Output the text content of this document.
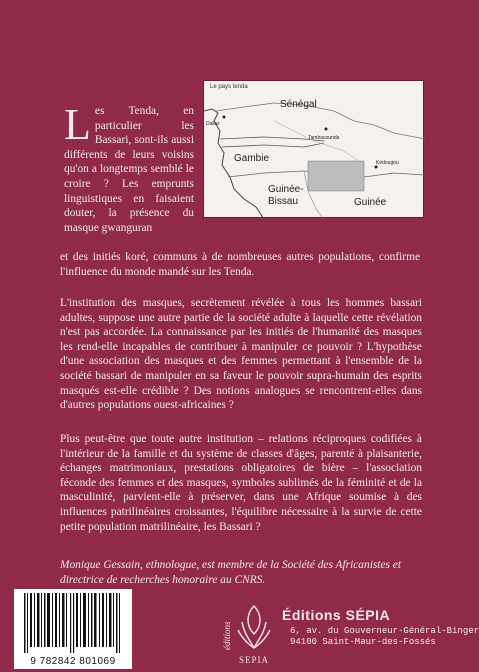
Le pays tenda
Sénégal
Dakar
Tambacounda
Gambie	Kédougou
Guinée-Bissau	Guinée
Les Tenda, en particulier les Bassari, sont-ils aussi différents de leurs voisins qu'on a longtemps semblé le croire ? Les emprunts linguistiques en faisaient douter, la présence du masque gwanguran

et des initiés koré, communs à de nombreuses autres populations, confirme l'influence du monde mandé sur les Tenda.

L'institution des masques, secrètement révélée à tous les hommes bassari adultes, suppose une autre partie de la société adulte à laquelle cette révélation n'est pas accordée. La connaissance par les initiés de l'humanité des masques les rend-elle incapables de contribuer à manipuler ce pouvoir ? L'hypothèse d'une association des masques et des femmes permettant à l'ensemble de la société bassari de manipuler en sa faveur le pouvoir supra-humain des esprits masqués est-elle crédible ? Des notions analogues se rencontrent-elles dans d'autres populations ouest-africaines ?

Plus peut-être que toute autre institution – relations réciproques codifiées à l'intérieur de la famille et du système de classes d'âges, parenté à plaisanterie, échanges matrimoniaux, prestations obligatoires de bière – l'association féconde des femmes et des masques, symboles sublimés de la féminité et de la masculinité, parvient-elle à préserver, dans une Afrique soumise à des influences patrilinéaires croissantes, l'équilibre nécessaire à la survie de cette petite population matrilinéaire, les Bassari ?

Monique Gessain, ethnologue, est membre de la Société des Africanistes et directrice de recherches honoraire au CNRS.

9 782842 801069
éditions
SEPIA
Éditions SÉPIA
6, av. du Gouverneur-Général-Binger
94100 Saint-Maur-des-Fossés
